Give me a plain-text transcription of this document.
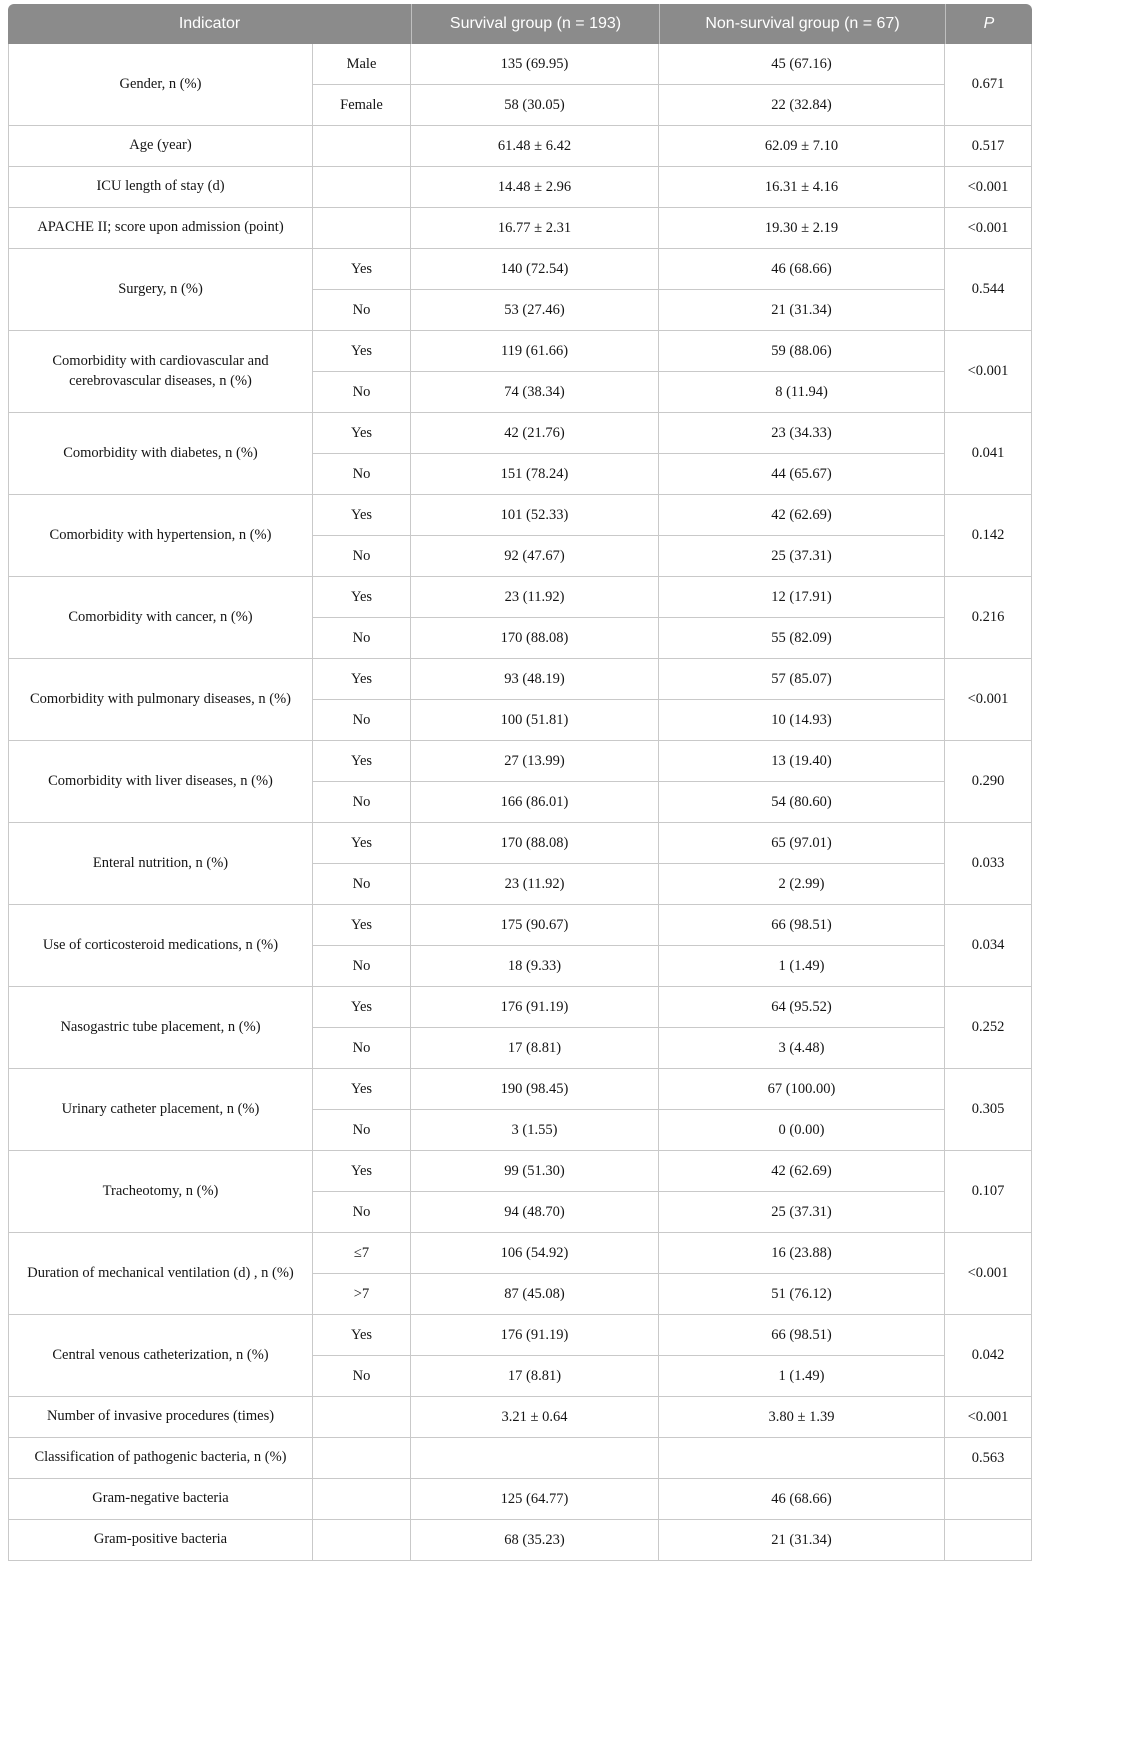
Indicator		Survival group (n = 193)	Non-survival group (n = 67)	P
Gender, n (%)	Male	135 (69.95)	45 (67.16)	0.671
	Female	58 (30.05)	22 (32.84)	
Age (year)		61.48 ± 6.42	62.09 ± 7.10	0.517
ICU length of stay (d)		14.48 ± 2.96	16.31 ± 4.16	<0.001
APACHE II; score upon admission (point)		16.77 ± 2.31	19.30 ± 2.19	<0.001
Surgery, n (%)	Yes	140 (72.54)	46 (68.66)	0.544
	No	53 (27.46)	21 (31.34)	
Comorbidity with cardiovascular and cerebrovascular diseases, n (%)	Yes	119 (61.66)	59 (88.06)	<0.001
	No	74 (38.34)	8 (11.94)	
Comorbidity with diabetes, n (%)	Yes	42 (21.76)	23 (34.33)	0.041
	No	151 (78.24)	44 (65.67)	
Comorbidity with hypertension, n (%)	Yes	101 (52.33)	42 (62.69)	0.142
	No	92 (47.67)	25 (37.31)	
Comorbidity with cancer, n (%)	Yes	23 (11.92)	12 (17.91)	0.216
	No	170 (88.08)	55 (82.09)	
Comorbidity with pulmonary diseases, n (%)	Yes	93 (48.19)	57 (85.07)	<0.001
	No	100 (51.81)	10 (14.93)	
Comorbidity with liver diseases, n (%)	Yes	27 (13.99)	13 (19.40)	0.290
	No	166 (86.01)	54 (80.60)	
Enteral nutrition, n (%)	Yes	170 (88.08)	65 (97.01)	0.033
	No	23 (11.92)	2 (2.99)	
Use of corticosteroid medications, n (%)	Yes	175 (90.67)	66 (98.51)	0.034
	No	18 (9.33)	1 (1.49)	
Nasogastric tube placement, n (%)	Yes	176 (91.19)	64 (95.52)	0.252
	No	17 (8.81)	3 (4.48)	
Urinary catheter placement, n (%)	Yes	190 (98.45)	67 (100.00)	0.305
	No	3 (1.55)	0 (0.00)	
Tracheotomy, n (%)	Yes	99 (51.30)	42 (62.69)	0.107
	No	94 (48.70)	25 (37.31)	
Duration of mechanical ventilation (d) , n (%)	≤7	106 (54.92)	16 (23.88)	<0.001
	>7	87 (45.08)	51 (76.12)	
Central venous catheterization, n (%)	Yes	176 (91.19)	66 (98.51)	0.042
	No	17 (8.81)	1 (1.49)	
Number of invasive procedures (times)		3.21 ± 0.64	3.80 ± 1.39	<0.001
Classification of pathogenic bacteria, n (%)				0.563
Gram-negative bacteria		125 (64.77)	46 (68.66)	
Gram-positive bacteria		68 (35.23)	21 (31.34)	
